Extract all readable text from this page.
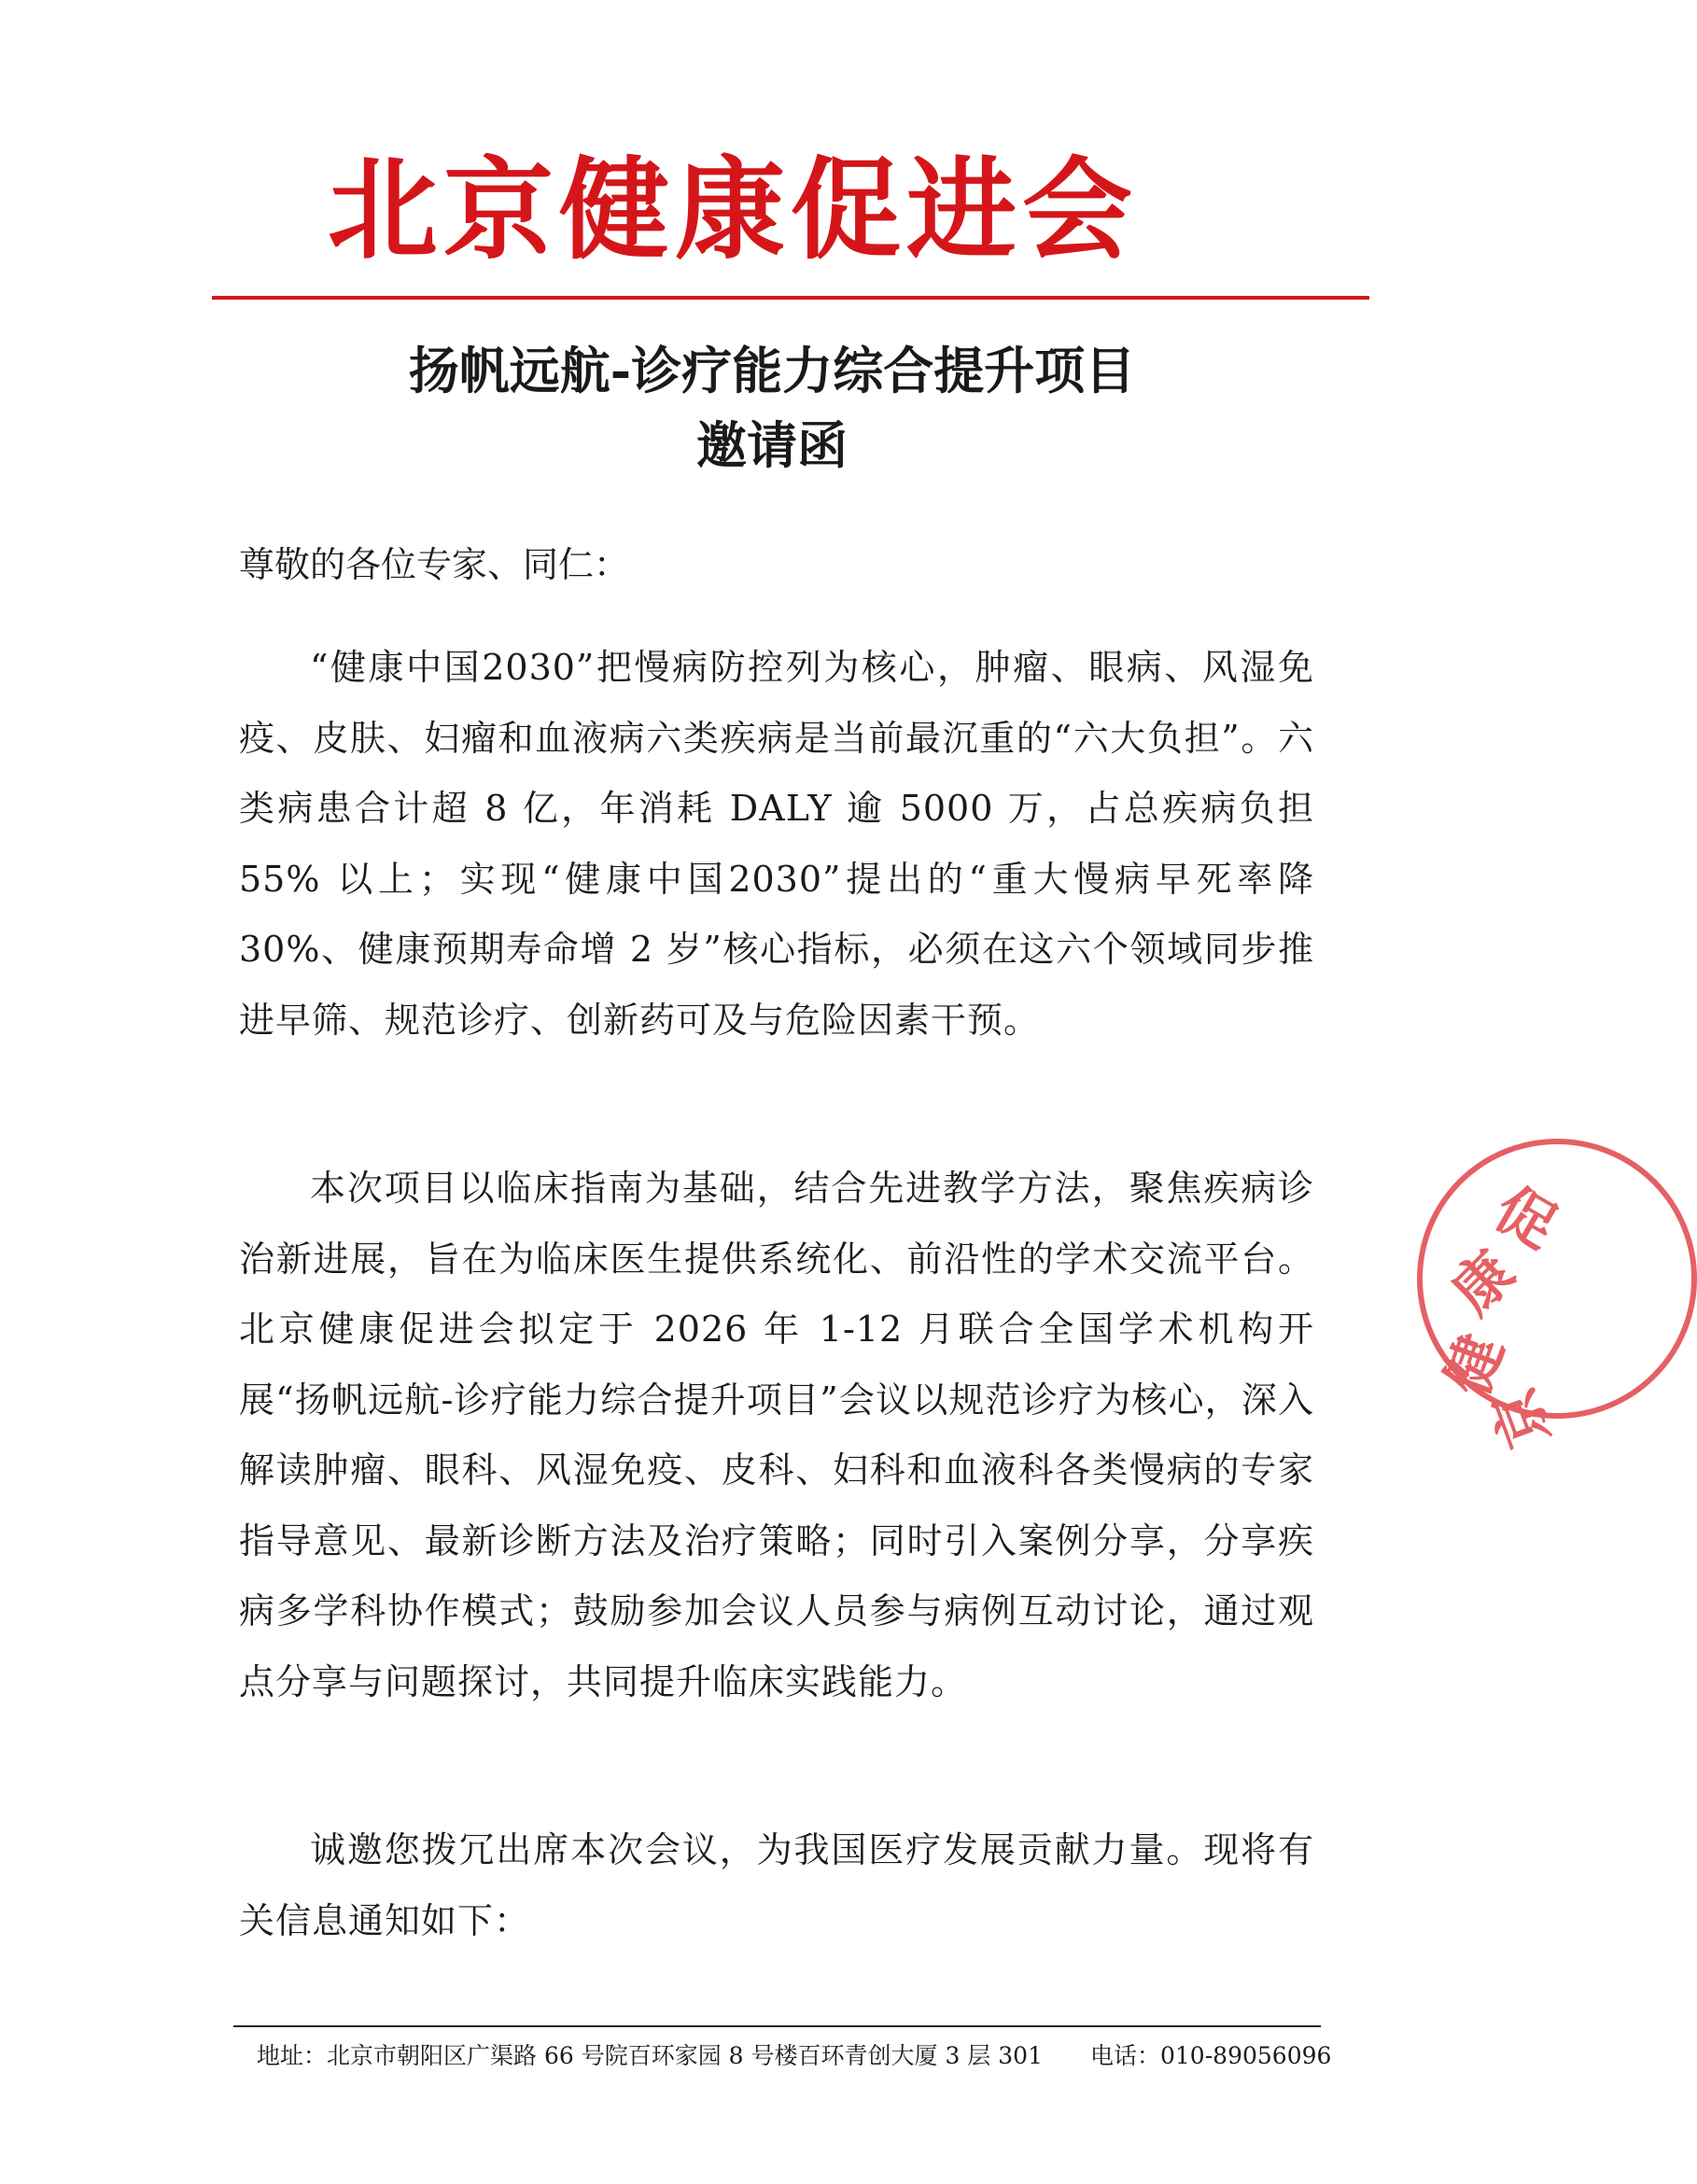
北京健康促进会
扬帆远航-诊疗能力综合提升项目
邀请函
尊敬的各位专家、同仁：
“健康中国2030”把慢病防控列为核心，肿瘤、眼病、风湿免疫、皮肤、妇瘤和血液病六类疾病是当前最沉重的“六大负担”。六类病患合计超 8 亿，年消耗 DALY 逾 5000 万，占总疾病负担 55% 以上；实现“健康中国2030”提出的“重大慢病早死率降 30%、健康预期寿命增 2 岁”核心指标，必须在这六个领域同步推进早筛、规范诊疗、创新药可及与危险因素干预。
本次项目以临床指南为基础，结合先进教学方法，聚焦疾病诊治新进展，旨在为临床医生提供系统化、前沿性的学术交流平台。北京健康促进会拟定于 2026 年 1-12 月联合全国学术机构开展“扬帆远航-诊疗能力综合提升项目”会议以规范诊疗为核心，深入解读肿瘤、眼科、风湿免疫、皮科、妇科和血液科各类慢病的专家指导意见、最新诊断方法及治疗策略；同时引入案例分享，分享疾病多学科协作模式；鼓励参加会议人员参与病例互动讨论，通过观点分享与问题探讨，共同提升临床实践能力。
诚邀您拨冗出席本次会议，为我国医疗发展贡献力量。现将有关信息通知如下：
促
康
健
京
地址：北京市朝阳区广渠路 66 号院百环家园 8 号楼百环青创大厦 3 层 301 电话：010-89056096
